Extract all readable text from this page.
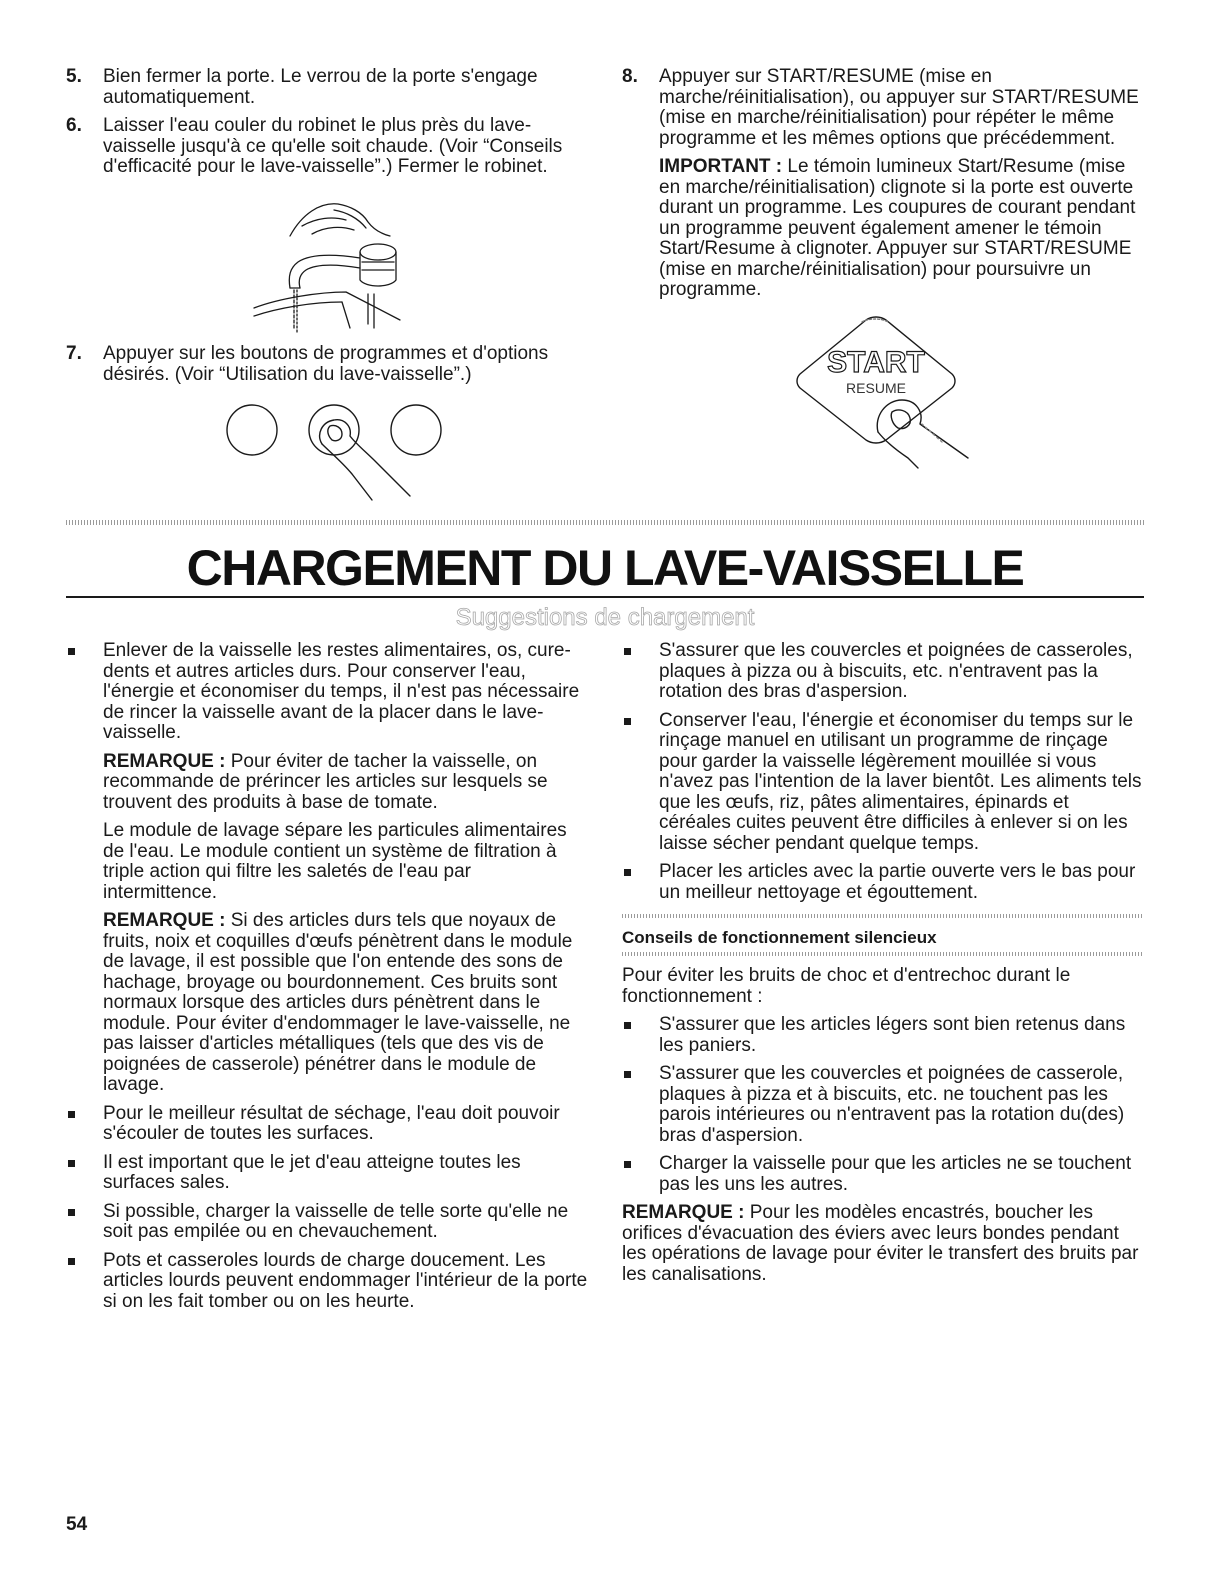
5. Bien fermer la porte. Le verrou de la porte s'engage automatiquement.
6. Laisser l'eau couler du robinet le plus près du lave-vaisselle jusqu'à ce qu'elle soit chaude. (Voir “Conseils d'efficacité pour le lave-vaisselle”.) Fermer le robinet.
7. Appuyer sur les boutons de programmes et d'options désirés. (Voir “Utilisation du lave-vaisselle”.)
8. Appuyer sur START/RESUME (mise en marche/réinitialisation), ou appuyer sur START/RESUME (mise en marche/réinitialisation) pour répéter le même programme et les mêmes options que précédemment.
IMPORTANT : Le témoin lumineux Start/Resume (mise en marche/réinitialisation) clignote si la porte est ouverte durant un programme. Les coupures de courant pendant un programme peuvent également amener le témoin Start/Resume à clignoter. Appuyer sur START/RESUME (mise en marche/réinitialisation) pour poursuivre un programme.
START
RESUME
CHARGEMENT DU LAVE-VAISSELLE
Suggestions de chargement
Enlever de la vaisselle les restes alimentaires, os, cure-dents et autres articles durs. Pour conserver l'eau, l'énergie et économiser du temps, il n'est pas nécessaire de rincer la vaisselle avant de la placer dans le lave-vaisselle.
REMARQUE : Pour éviter de tacher la vaisselle, on recommande de prérincer les articles sur lesquels se trouvent des produits à base de tomate.
Le module de lavage sépare les particules alimentaires de l'eau. Le module contient un système de filtration à triple action qui filtre les saletés de l'eau par intermittence.
REMARQUE : Si des articles durs tels que noyaux de fruits, noix et coquilles d'œufs pénètrent dans le module de lavage, il est possible que l'on entende des sons de hachage, broyage ou bourdonnement. Ces bruits sont normaux lorsque des articles durs pénètrent dans le module. Pour éviter d'endommager le lave-vaisselle, ne pas laisser d'articles métalliques (tels que des vis de poignées de casserole) pénétrer dans le module de lavage.
Pour le meilleur résultat de séchage, l'eau doit pouvoir s'écouler de toutes les surfaces.
Il est important que le jet d'eau atteigne toutes les surfaces sales.
Si possible, charger la vaisselle de telle sorte qu'elle ne soit pas empilée ou en chevauchement.
Pots et casseroles lourds de charge doucement. Les articles lourds peuvent endommager l'intérieur de la porte si on les fait tomber ou on les heurte.
S'assurer que les couvercles et poignées de casseroles, plaques à pizza ou à biscuits, etc. n'entravent pas la rotation des bras d'aspersion.
Conserver l'eau, l'énergie et économiser du temps sur le rinçage manuel en utilisant un programme de rinçage pour garder la vaisselle légèrement mouillée si vous n'avez pas l'intention de la laver bientôt. Les aliments tels que les œufs, riz, pâtes alimentaires, épinards et céréales cuites peuvent être difficiles à enlever si on les laisse sécher pendant quelque temps.
Placer les articles avec la partie ouverte vers le bas pour un meilleur nettoyage et égouttement.
Conseils de fonctionnement silencieux
Pour éviter les bruits de choc et d'entrechoc durant le fonctionnement :
S'assurer que les articles légers sont bien retenus dans les paniers.
S'assurer que les couvercles et poignées de casserole, plaques à pizza et à biscuits, etc. ne touchent pas les parois intérieures ou n'entravent pas la rotation du(des) bras d'aspersion.
Charger la vaisselle pour que les articles ne se touchent pas les uns les autres.
REMARQUE : Pour les modèles encastrés, boucher les orifices d'évacuation des éviers avec leurs bondes pendant les opérations de lavage pour éviter le transfert des bruits par les canalisations.
54
